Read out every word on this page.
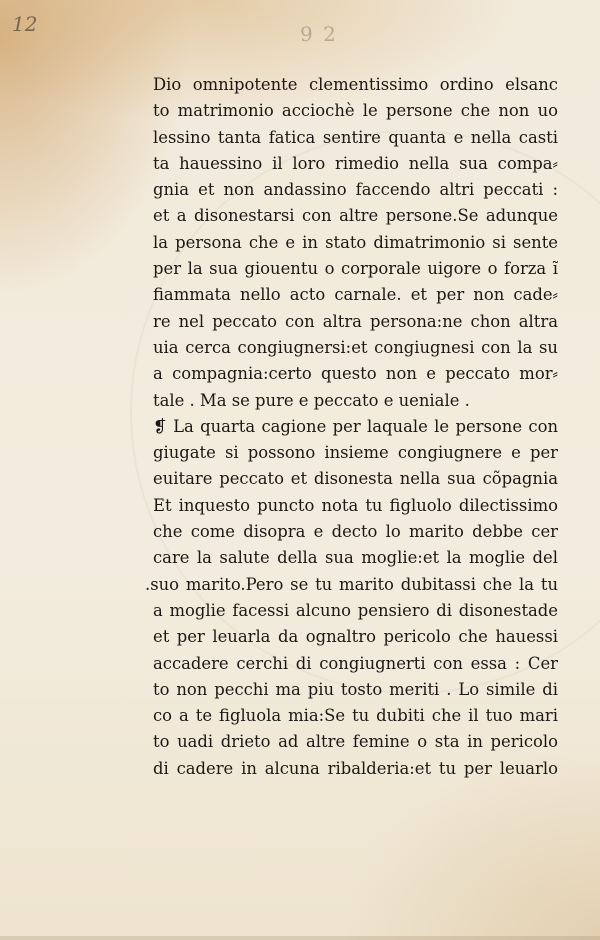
12	9 2
Dio omnipotente clementissimo ordino elsanc
to matrimonio acciochè le persone che non uo
lessino tanta fatica sentire quanta e nella casti
ta hauessino il loro rimedio nella sua compa⸗
gnia et non andassino faccendo altri peccati :
et a disonestarsi con altre persone.Se adunque
la persona che e in stato dimatrimonio si sente
per la sua giouentu o corporale uigore o forza ĩ
fiammata nello acto carnale. et per non cade⸗
re nel peccato con altra persona:ne chon altra
uia cerca congiugnersi:et congiugnesi con la su
a compagnia:certo questo non e peccato mor⸗
tale . Ma se pure e peccato e ueniale .
❡ La quarta cagione per laquale le persone con
giugate si possono insieme congiugnere e per
euitare peccato et disonesta nella sua cõpagnia
Et inquesto puncto nota tu figluolo dilectissimo
che come disopra e decto lo marito debbe cer
care la salute della sua moglie:et la moglie del
.suo marito.Pero se tu marito dubitassi che la tu
a moglie facessi alcuno pensiero di disonestade
et per leuarla da ognaltro pericolo che hauessi
accadere cerchi di congiugnerti con essa : Cer
to non pecchi ma piu tosto meriti . Lo simile di
co a te figluola mia:Se tu dubiti che il tuo mari
to uadi drieto ad altre femine o sta in pericolo
di cadere in alcuna ribalderia:et tu per leuarlo
